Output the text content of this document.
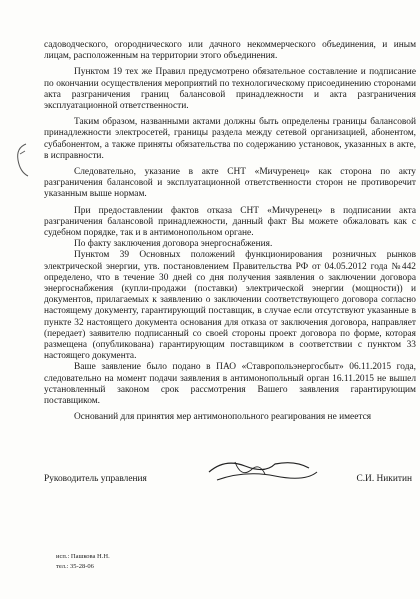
садоводческого, огороднического или дачного некоммерческого объединения, и иным лицам, расположенным на территории этого объединения.

Пунктом 19 тех же Правил предусмотрено обязательное составление и подписание по окончании осуществления мероприятий по технологическому присоединению сторонами акта разграничения границ балансовой принадлежности и акта разграничения эксплуатационной ответственности.

Таким образом, названными актами должны быть определены границы балансовой принадлежности электросетей, границы раздела между сетевой организацией, абонентом, субабонентом, а также приняты обязательства по содержанию установок, указанных в акте, в исправности.

Следовательно, указание в акте СНТ «Мичуренец» как сторона по акту разграничения балансовой и эксплуатационной ответственности сторон не противоречит указанным выше нормам.

При предоставлении фактов отказа СНТ «Мичуренец» в подписании акта разграничения балансовой принадлежности, данный факт Вы можете обжаловать как с судебном порядке, так и в антимонопольном органе.

По факту заключения договора энергоснабжения.

Пунктом 39 Основных положений функционирования розничных рынков электрической энергии, утв. постановлением Правительства РФ от 04.05.2012 года №442 определено, что в течение 30 дней со дня получения заявления о заключении договора энергоснабжения (купли-продажи (поставки) электрической энергии (мощности)) и документов, прилагаемых к заявлению о заключении соответствующего договора согласно настоящему документу, гарантирующий поставщик, в случае если отсутствуют указанные в пункте 32 настоящего документа основания для отказа от заключения договора, направляет (передает) заявителю подписанный со своей стороны проект договора по форме, которая размещена (опубликована) гарантирующим поставщиком в соответствии с пунктом 33 настоящего документа.

Ваше заявление было подано в ПАО «Ставропольэнергосбыт» 06.11.2015 года, следовательно на момент подачи заявления в антимонопольный орган 16.11.2015 не вышел установленный законом срок рассмотрения Вашего заявления гарантирующим поставщиком.

Оснований для принятия мер антимонопольного реагирования не имеется

Руководитель управления	С.И. Никитин
исп.: Пашкова Н.Н.
тел.: 35-28-06
